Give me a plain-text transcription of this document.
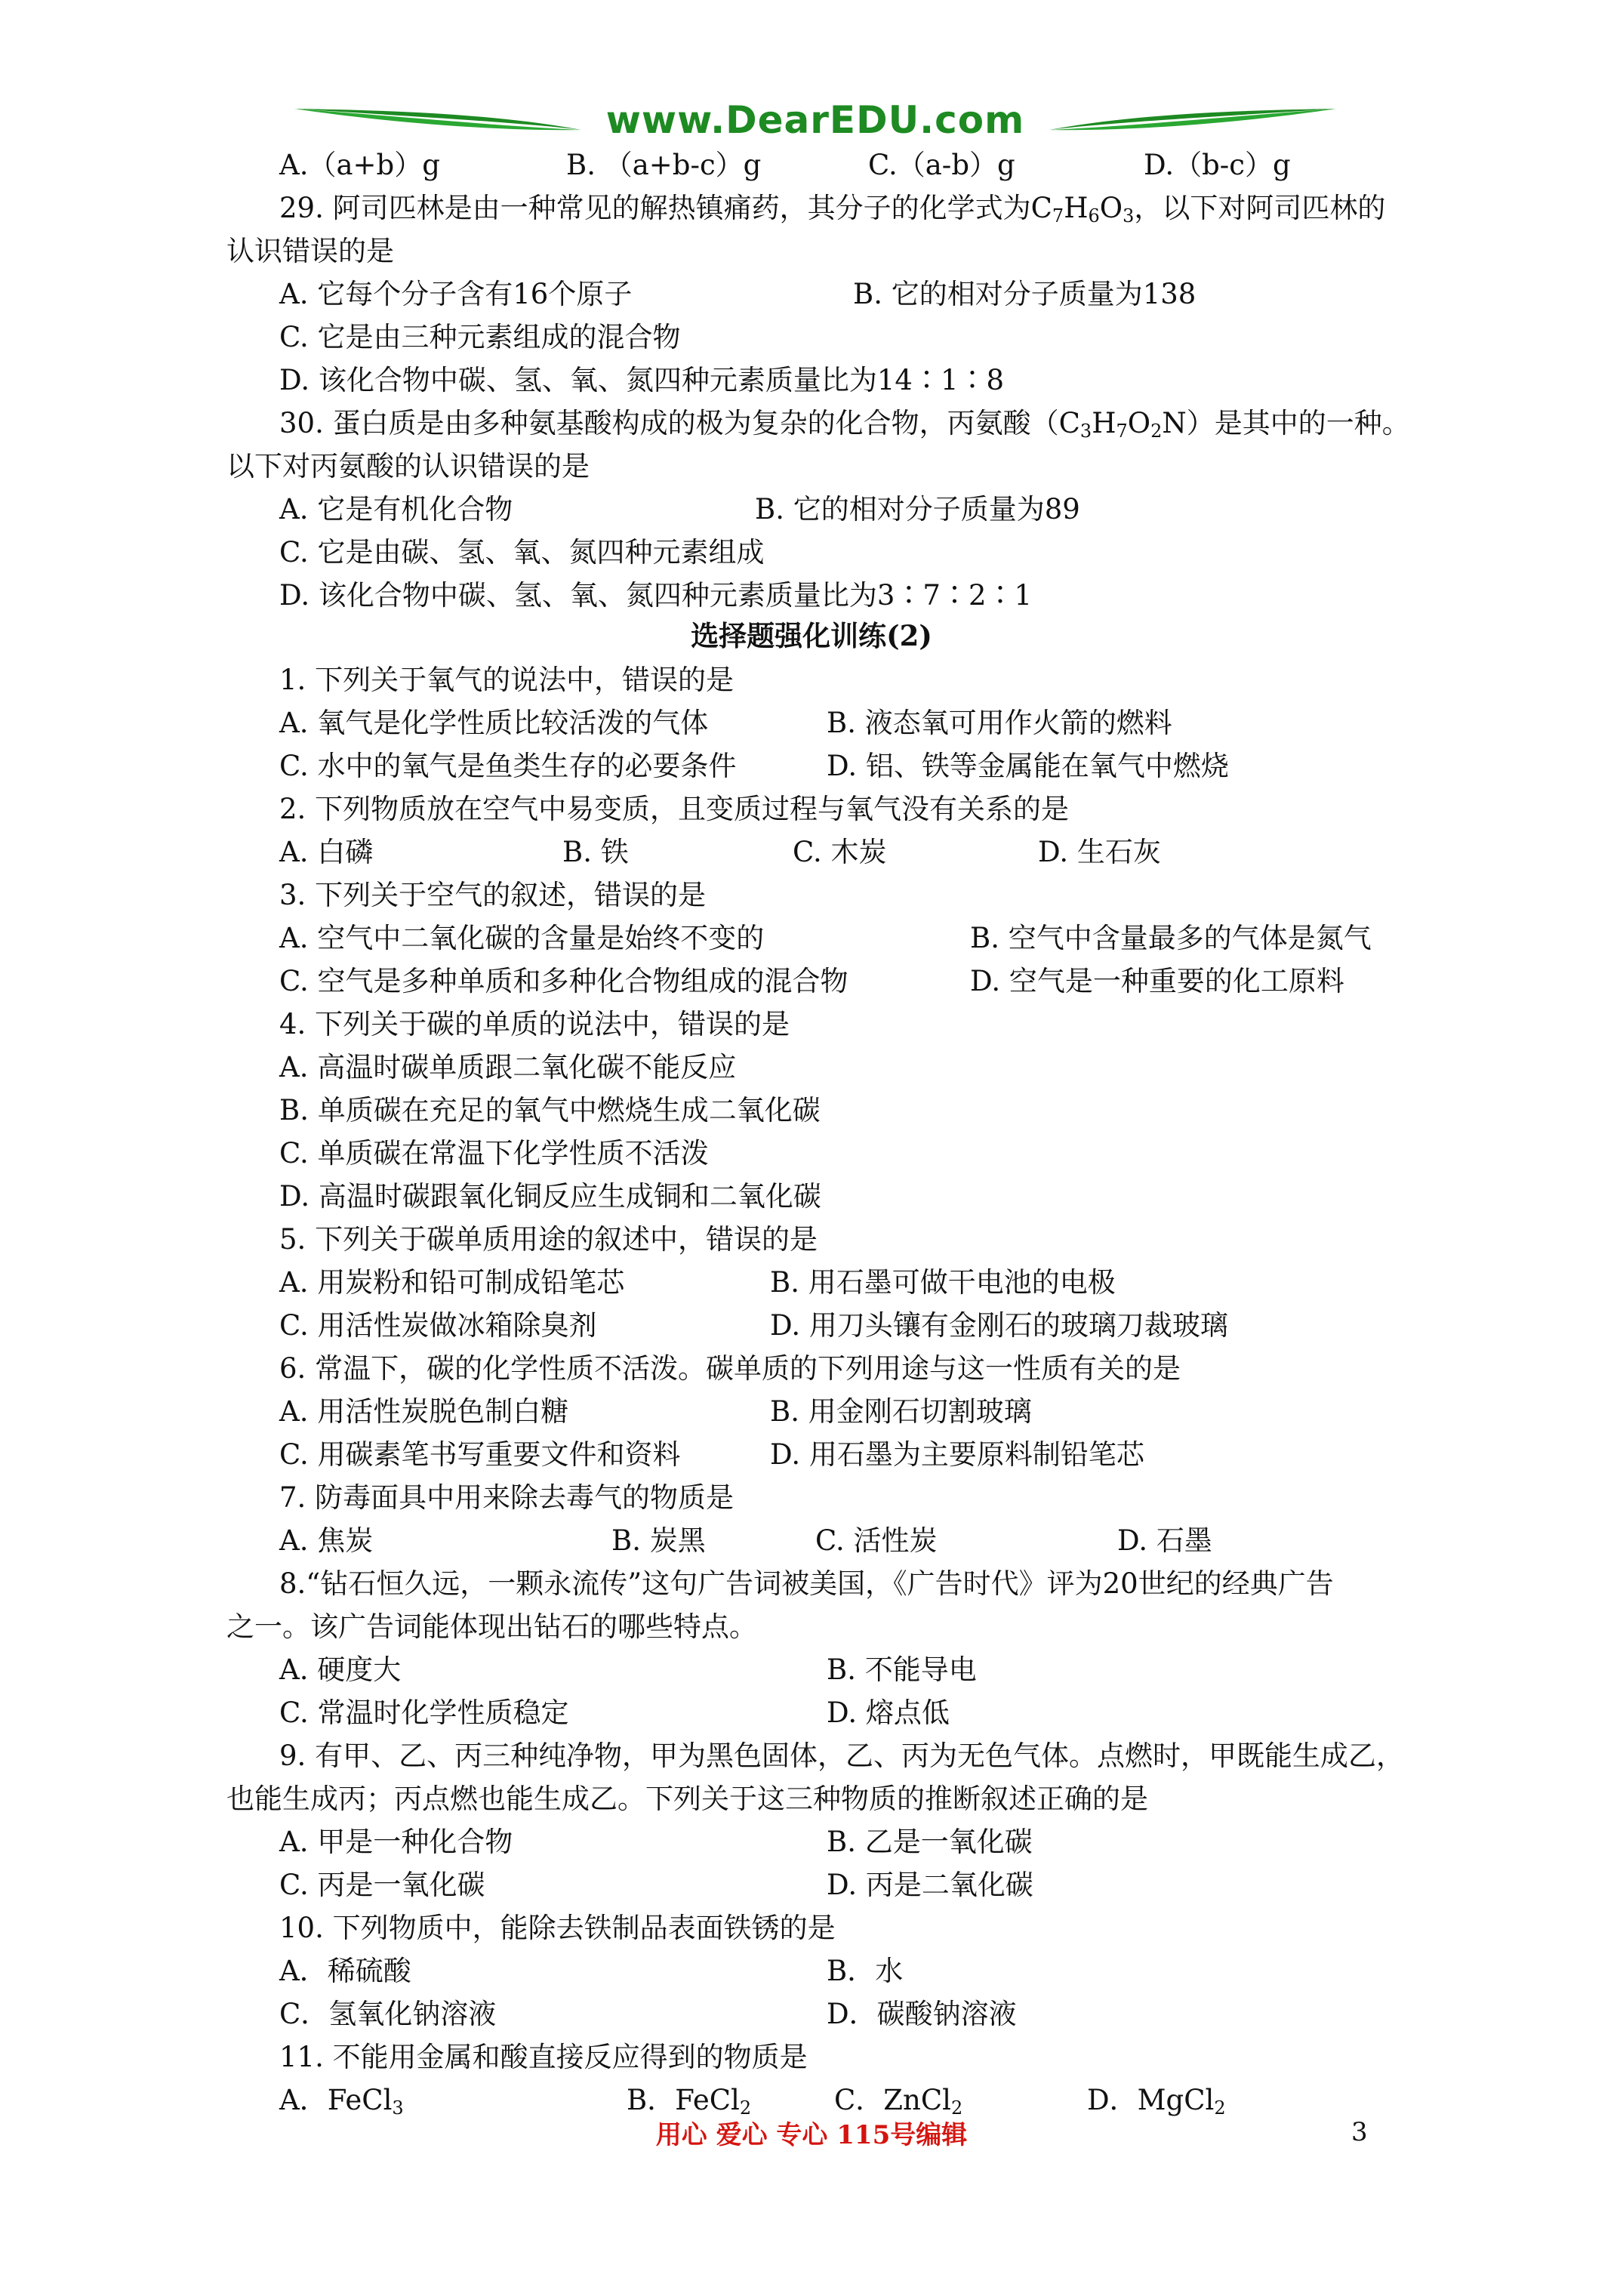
www.DearEDU.com
A.（a+b）g	B. （a+b-c）g	C.（a-b）g	D.（b-c）g
29. 阿司匹林是由一种常见的解热镇痛药，其分子的化学式为$C_7H_6O_3$，以下对阿司匹林的
认识错误的是
A. 它每个分子含有16个原子	B. 它的相对分子质量为138
C. 它是由三种元素组成的混合物
D. 该化合物中碳、氢、氧、氮四种元素质量比为14∶1∶8
30. 蛋白质是由多种氨基酸构成的极为复杂的化合物，丙氨酸$(C_3H_7O_2N)$是其中的一种。
以下对丙氨酸的认识错误的是
A. 它是有机化合物	B. 它的相对分子质量为89
C. 它是由碳、氢、氧、氮四种元素组成
D. 该化合物中碳、氢、氧、氮四种元素质量比为3∶7∶2∶1
选择题强化训练(2)
1. 下列关于氧气的说法中，错误的是
A. 氧气是化学性质比较活泼的气体	B. 液态氧可用作火箭的燃料
C. 水中的氧气是鱼类生存的必要条件	D. 铝、铁等金属能在氧气中燃烧
2. 下列物质放在空气中易变质，且变质过程与氧气没有关系的是
A. 白磷	B. 铁	C. 木炭	D. 生石灰
3. 下列关于空气的叙述，错误的是
A. 空气中二氧化碳的含量是始终不变的	B. 空气中含量最多的气体是氮气
C. 空气是多种单质和多种化合物组成的混合物	D. 空气是一种重要的化工原料
4. 下列关于碳的单质的说法中，错误的是
A. 高温时碳单质跟二氧化碳不能反应
B. 单质碳在充足的氧气中燃烧生成二氧化碳
C. 单质碳在常温下化学性质不活泼
D. 高温时碳跟氧化铜反应生成铜和二氧化碳
5. 下列关于碳单质用途的叙述中，错误的是
A. 用炭粉和铅可制成铅笔芯	B. 用石墨可做干电池的电极
C. 用活性炭做冰箱除臭剂	D. 用刀头镶有金刚石的玻璃刀裁玻璃
6. 常温下，碳的化学性质不活泼。碳单质的下列用途与这一性质有关的是
A. 用活性炭脱色制白糖	B. 用金刚石切割玻璃
C. 用碳素笔书写重要文件和资料	D. 用石墨为主要原料制铅笔芯
7. 防毒面具中用来除去毒气的物质是
A. 焦炭	B. 炭黑	C. 活性炭	D. 石墨
8.“钻石恒久远，一颗永流传”这句广告词被美国，《广告时代》评为20世纪的经典广告
之一。该广告词能体现出钻石的哪些特点。
A. 硬度大	B. 不能导电
C. 常温时化学性质稳定	D. 熔点低
9. 有甲、乙、丙三种纯净物，甲为黑色固体，乙、丙为无色气体。点燃时，甲既能生成乙，
也能生成丙；丙点燃也能生成乙。下列关于这三种物质的推断叙述正确的是
A. 甲是一种化合物	B. 乙是一氧化碳
C. 丙是一氧化碳	D. 丙是二氧化碳
10. 下列物质中，能除去铁制品表面铁锈的是
A．稀硫酸	B．水
C．氢氧化钠溶液	D．碳酸钠溶液
11. 不能用金属和酸直接反应得到的物质是
A．FeCl$_3$	B．FeCl$_2$	C．ZnCl$_2$	D．MgCl$_2$
用心 爱心 专心 115号编辑	3
